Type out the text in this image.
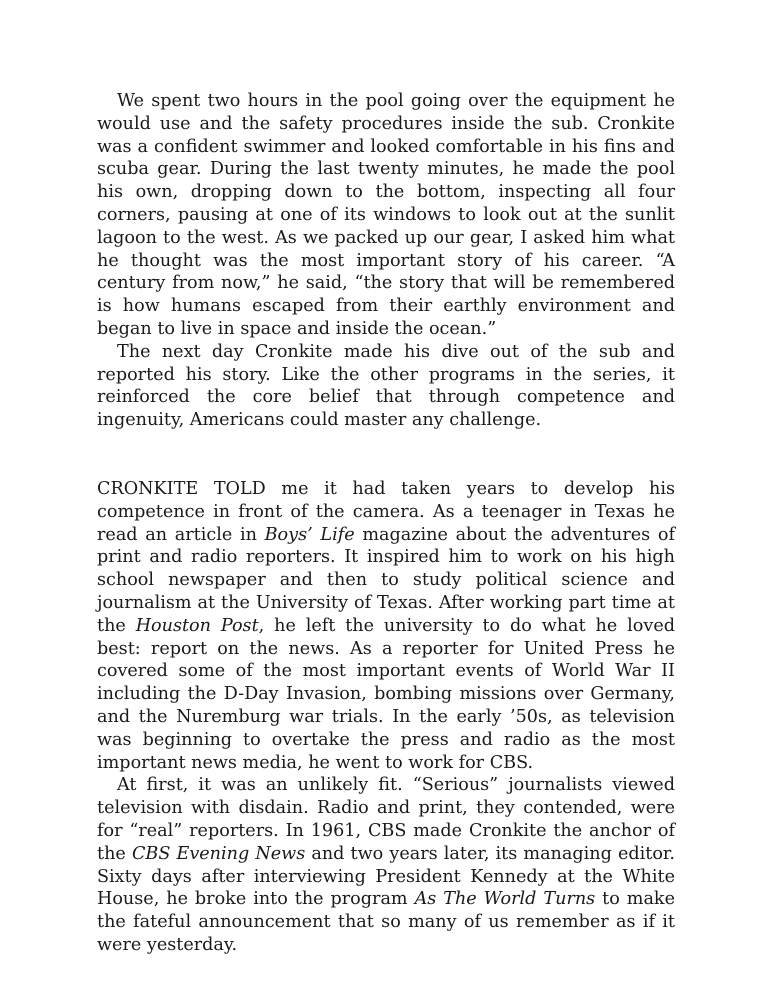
We spent two hours in the pool going over the equipment he would use and the safety procedures inside the sub. Cronkite was a confident swimmer and looked comfortable in his fins and scuba gear. During the last twenty minutes, he made the pool his own, dropping down to the bottom, inspecting all four corners, pausing at one of its windows to look out at the sunlit lagoon to the west. As we packed up our gear, I asked him what he thought was the most important story of his career. “A century from now,” he said, “the story that will be remembered is how humans escaped from their earthly environment and began to live in space and inside the ocean.”

The next day Cronkite made his dive out of the sub and reported his story. Like the other programs in the series, it reinforced the core belief that through competence and ingenuity, Americans could master any challenge.

CRONKITE TOLD me it had taken years to develop his competence in front of the camera. As a teenager in Texas he read an article in Boys’ Life magazine about the adventures of print and radio reporters. It inspired him to work on his high school newspaper and then to study political science and journalism at the University of Texas. After working part time at the Houston Post, he left the university to do what he loved best: report on the news. As a reporter for United Press he covered some of the most important events of World War II including the D-Day Invasion, bombing missions over Germany, and the Nuremburg war trials. In the early ’50s, as television was beginning to overtake the press and radio as the most important news media, he went to work for CBS.

At first, it was an unlikely fit. “Serious” journalists viewed television with disdain. Radio and print, they contended, were for “real” reporters. In 1961, CBS made Cronkite the anchor of the CBS Evening News and two years later, its managing editor. Sixty days after interviewing President Kennedy at the White House, he broke into the program As The World Turns to make the fateful announcement that so many of us remember as if it were yesterday.
